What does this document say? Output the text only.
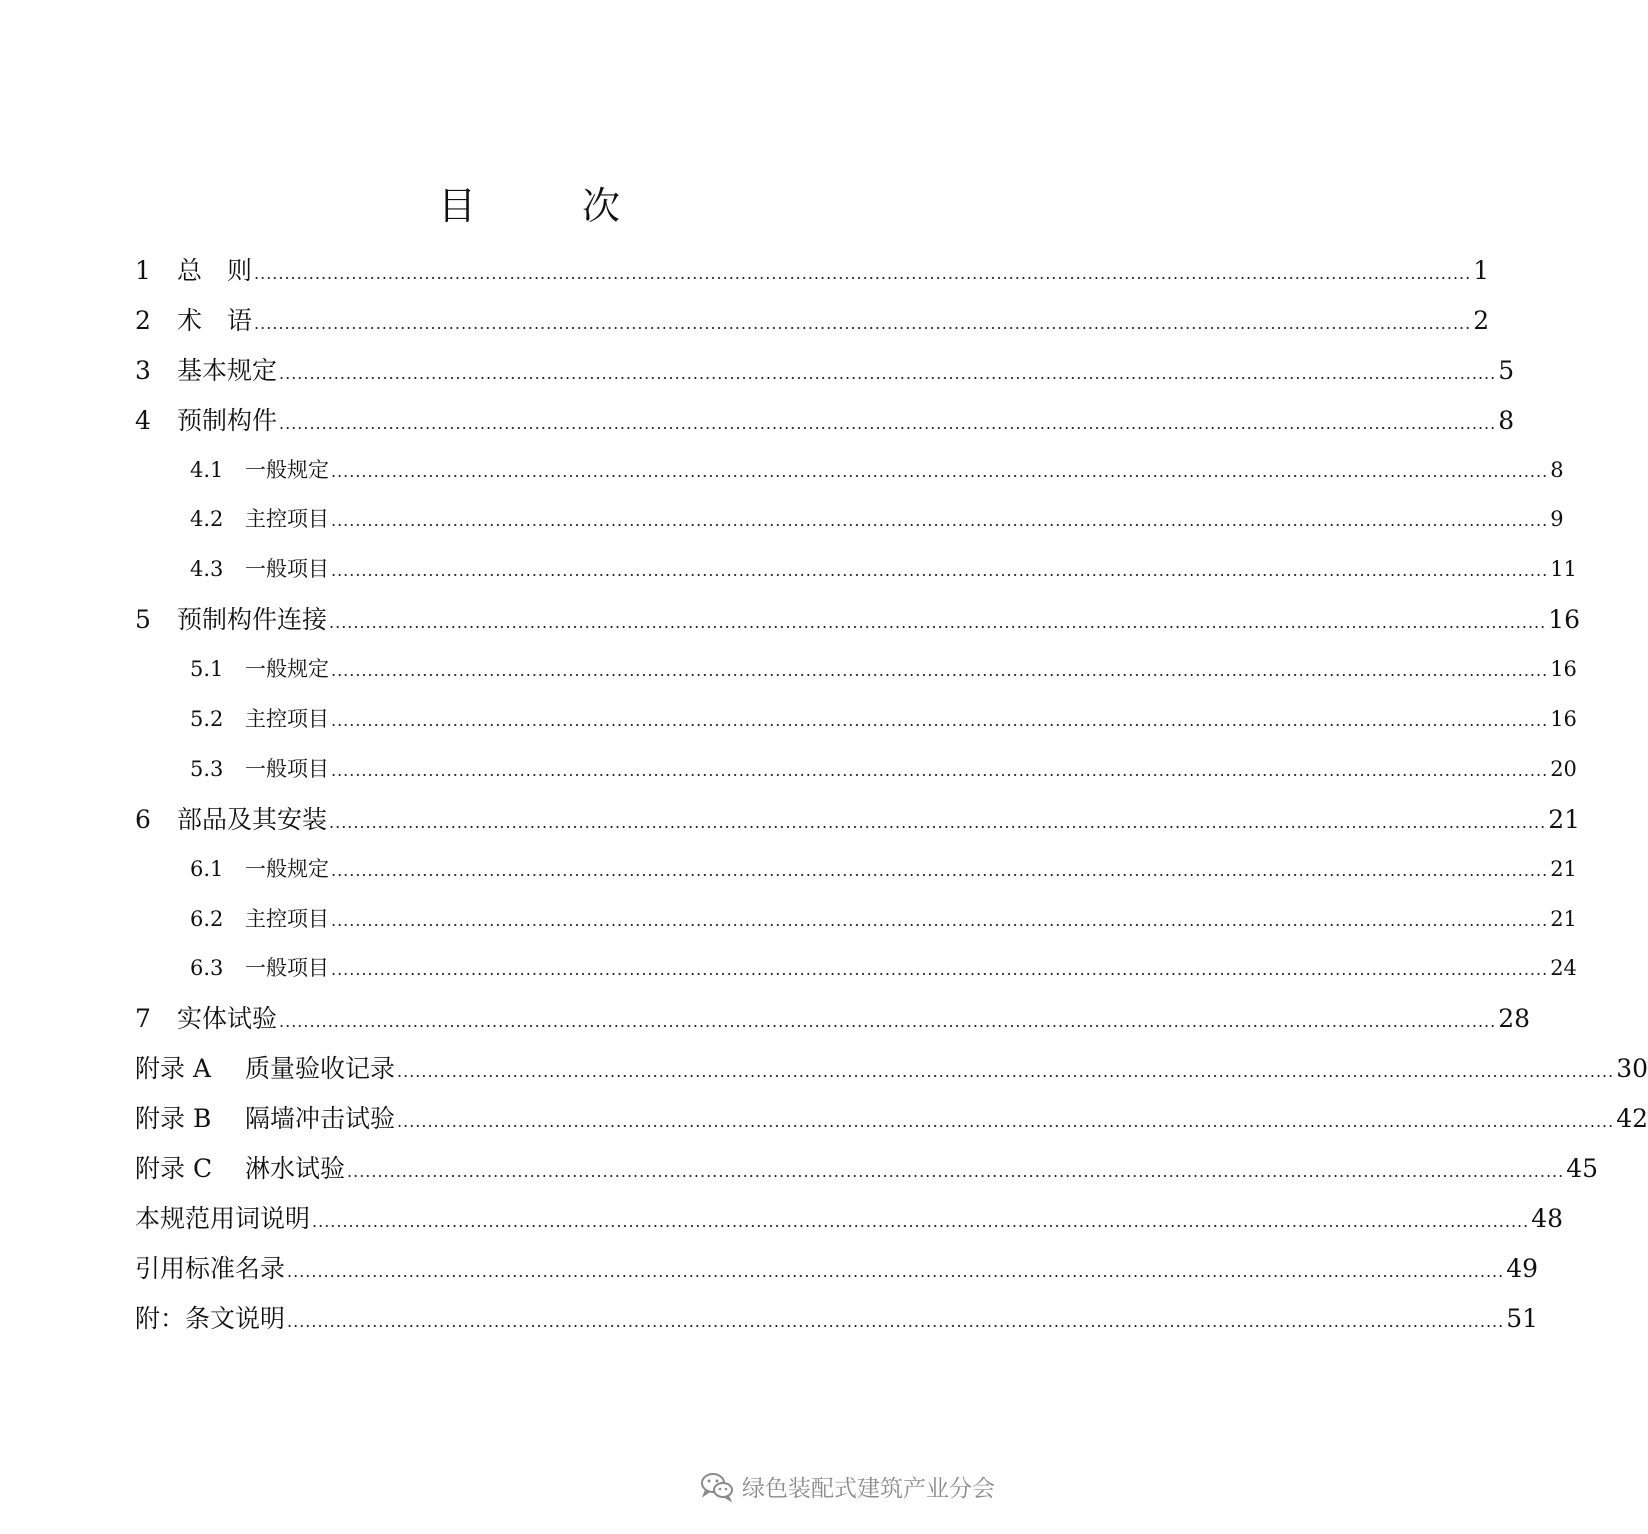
目　次
1 总　则 ........................................................................................................................................................................................................ 1
2 术　语 ........................................................................................................................................................................................................ 2
3 基本规定 ........................................................................................................................................................................................................ 5
4 预制构件 ........................................................................................................................................................................................................ 8
4.1 一般规定 ........................................................................................................................................................................................................ 8
4.2 主控项目 ........................................................................................................................................................................................................ 9
4.3 一般项目 ........................................................................................................................................................................................................ 11
5 预制构件连接 ........................................................................................................................................................................................................ 16
5.1 一般规定 ........................................................................................................................................................................................................ 16
5.2 主控项目 ........................................................................................................................................................................................................ 16
5.3 一般项目 ........................................................................................................................................................................................................ 20
6 部品及其安装 ........................................................................................................................................................................................................ 21
6.1 一般规定 ........................................................................................................................................................................................................ 21
6.2 主控项目 ........................................................................................................................................................................................................ 21
6.3 一般项目 ........................................................................................................................................................................................................ 24
7 实体试验 ........................................................................................................................................................................................................ 28
附录 A 质量验收记录 ........................................................................................................................................................................................................ 30
附录 B 隔墙冲击试验 ........................................................................................................................................................................................................ 42
附录 C 淋水试验 ........................................................................................................................................................................................................ 45
本规范用词说明 ........................................................................................................................................................................................................ 48
引用标准名录 ........................................................................................................................................................................................................ 49
附：条文说明 ........................................................................................................................................................................................................ 51
绿色装配式建筑产业分会
